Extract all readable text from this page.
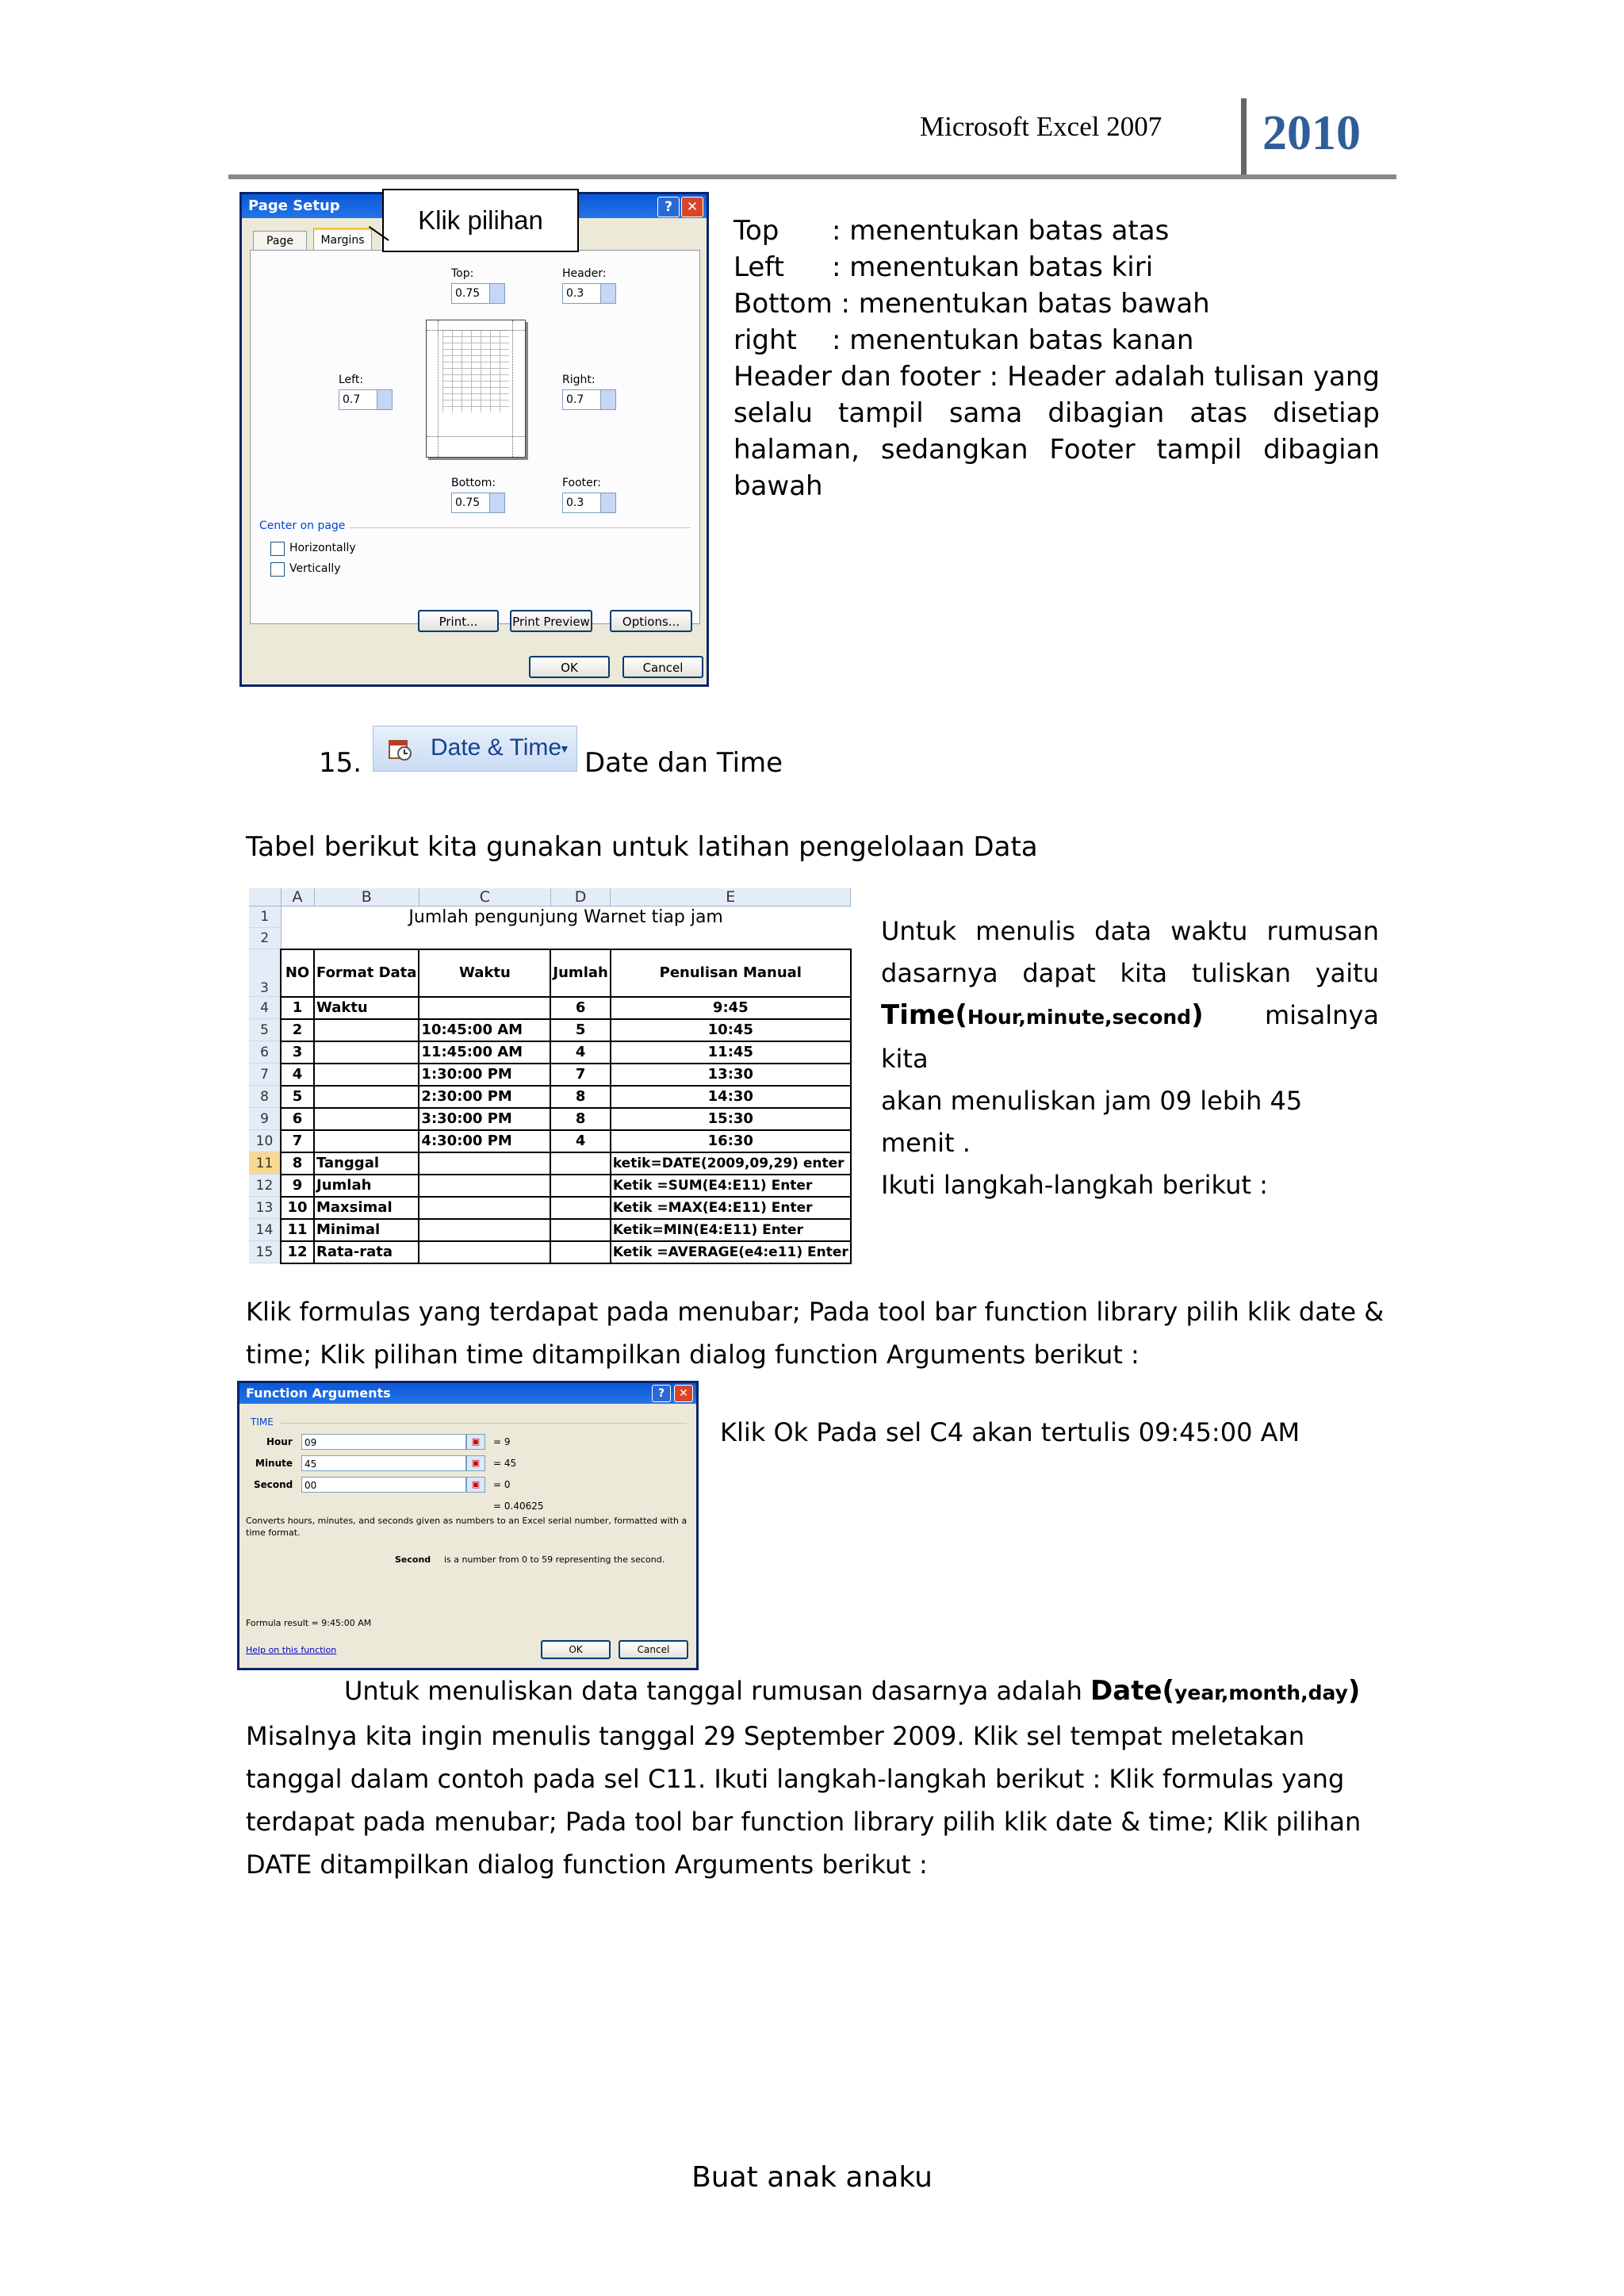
Microsoft Excel 2007 2010
Page Setup	?	✕
Page	Margins
Top:
0.75
Header:
0.3
Left:
0.7
Right:
0.7
Bottom:
0.75
Footer:
0.3
Center on page
Horizontally
Vertically
Print...	Print Preview	Options...
OK	Cancel
Klik pilihan	Top : menentukan batas atas
Left : menentukan batas kiri
Bottom : menentukan batas bawah
right : menentukan batas kanan
Header dan footer : Header adalah tulisan yang selalu tampil sama dibagian atas disetiap halaman, sedangkan Footer tampil dibagian bawah
15.	Date & Time
▼ Date dan Time
Tabel berikut kita gunakan untuk latihan pengelolaan Data
	A	B	C	D	E
1	Jumlah pengunjung Warnet tiap jam				
2					
3	NO	Format Data	Waktu	Jumlah	Penulisan Manual
4	1	Waktu		6	9:45
5	2		10:45:00 AM	5	10:45
6	3		11:45:00 AM	4	11:45
7	4		1:30:00 PM	7	13:30
8	5		2:30:00 PM	8	14:30
9	6		3:30:00 PM	8	15:30
10	7		4:30:00 PM	4	16:30
11	8	Tanggal			ketik=DATE(2009,09,29) enter
12	9	Jumlah			Ketik =SUM(E4:E11) Enter
13	10	Maxsimal			Ketik =MAX(E4:E11) Enter
14	11	Minimal			Ketik=MIN(E4:E11) Enter
15	12	Rata-rata			Ketik =AVERAGE(e4:e11) Enter
Untuk menulis data waktu rumusan
dasarnya dapat kita tuliskan yaitu
Time(Hour,minute,second) misalnya kita
akan menuliskan jam 09 lebih 45 menit .
Ikuti langkah-langkah berikut :
Klik formulas yang terdapat pada menubar; Pada tool bar function library pilih klik date & time; Klik pilihan time ditampilkan dialog function Arguments berikut :
Function Arguments	?	✕
TIME
Hour	09	▣	= 9
Minute	45	▣	= 45
Second	00	▣	= 0
= 0.40625
Converts hours, minutes, and seconds given as numbers to an Excel serial number, formatted with a time format.
Second is a number from 0 to 59 representing the second.
Formula result = 9:45:00 AM
Help on this function	OK	Cancel
Klik Ok Pada sel C4 akan tertulis 09:45:00 AM
Untuk menuliskan data tanggal rumusan dasarnya adalah Date(year,month,day)
Misalnya kita ingin menulis tanggal 29 September 2009. Klik sel tempat meletakan tanggal dalam contoh pada sel C11. Ikuti langkah-langkah berikut : Klik formulas yang terdapat pada menubar; Pada tool bar function library pilih klik date & time; Klik pilihan DATE ditampilkan dialog function Arguments berikut :
Buat anak anaku
